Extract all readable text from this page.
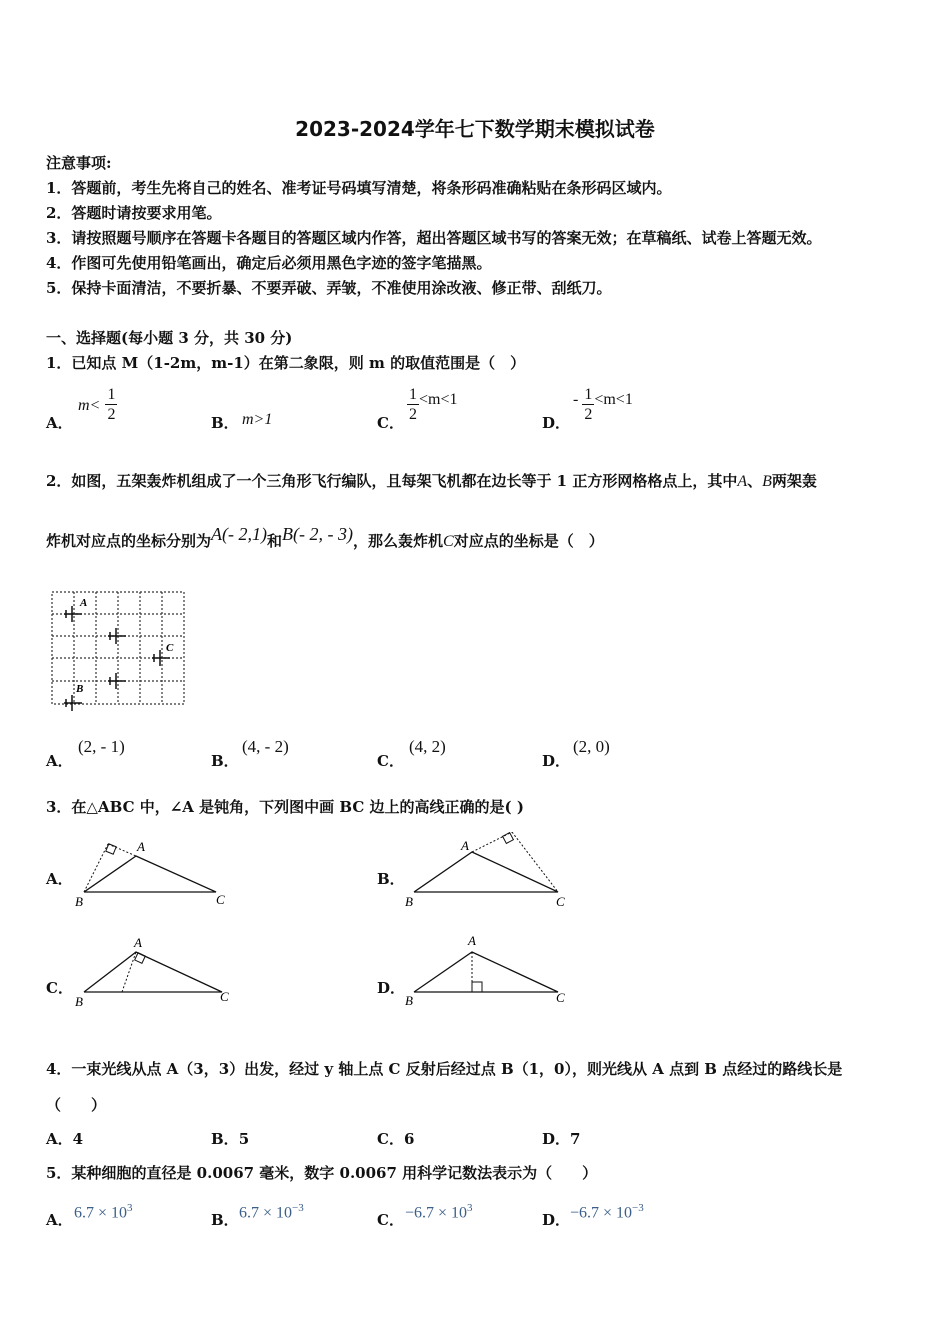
2023-2024学年七下数学期末模拟试卷
注意事项:
1．答题前，考生先将自己的姓名、准考证号码填写清楚，将条形码准确粘贴在条形码区域内。
2．答题时请按要求用笔。
3．请按照题号顺序在答题卡各题目的答题区域内作答，超出答题区域书写的答案无效；在草稿纸、试卷上答题无效。
4．作图可先使用铅笔画出，确定后必须用黑色字迹的签字笔描黑。
5．保持卡面清洁，不要折暴、不要弄破、弄皱，不准使用涂改液、修正带、刮纸刀。
一、选择题(每小题 3 分，共 30 分)
1．已知点 M（1-2m，m-1）在第二象限，则 m 的取值范围是（　）
A．
$m< \frac{1}{2}$	B． m>1	C． $\frac{1}{2} <m<1$
D．
- $\frac{1}{2} <m<1$
2．如图，五架轰炸机组成了一个三角形飞行编队，且每架飞机都在边长等于 1 正方形网格格点上，其中A、B两架轰
炸机对应点的坐标分别为A(- 2,1)和B(- 2, - 3)，那么轰炸机C对应点的坐标是（　）
A
C
B
A．
(2, - 1)
B．
(4, - 2)
C．
(4, 2)
D．
(2, 0)
3．在△ABC 中，∠A 是钝角，下列图中画 BC 边上的高线正确的是( )
A．
A
B	C
B．
A
B	C
C．
A
B	C	D．
A
B	C
4．一束光线从点 A（3，3）出发，经过 y 轴上点 C 反射后经过点 B（1，0），则光线从 A 点到 B 点经过的路线长是
（　　）
A．4	B．5	C．6	D．7
5．某种细胞的直径是 0.0067 毫米，数字 0.0067 用科学记数法表示为（　　）
A． $6.7 \times 10^3$
B． $6.7 \times 10^{-3}$
C． $-6.7 \times 10^3$
D． $-6.7 \times 10^{-3}$
